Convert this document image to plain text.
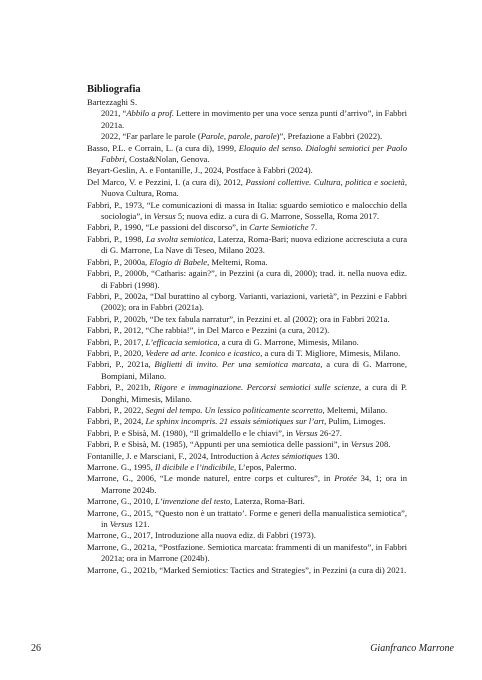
Bibliografia
Bartezzaghi S.
2021, “Abbilo a prof. Lettere in movimento per una voce senza punti d’arrivo”, in Fabbri 2021a.
2022, “Far parlare le parole (Parole, parole, parole)”, Prefazione a Fabbri (2022).
Basso, P.L. e Corrain, L. (a cura di), 1999, Eloquio del senso. Dialoghi semiotici per Paolo Fabbri, Costa&Nolan, Genova.
Beyart-Geslin, A. e Fontanille, J., 2024, Postface à Fabbri (2024).
Del Marco, V. e Pezzini, I. (a cura di), 2012, Passioni collettive. Cultura, politica e società, Nuova Cultura, Roma.
Fabbri, P., 1973, “Le comunicazioni di massa in Italia: sguardo semiotico e malocchio della sociologia”, in Versus 5; nuova ediz. a cura di G. Marrone, Sossella, Roma 2017.
Fabbri, P., 1990, “Le passioni del discorso”, in Carte Semiotiche 7.
Fabbri, P., 1998, La svolta semiotica, Laterza, Roma-Bari; nuova edizione accresciuta a cura di G. Marrone, La Nave di Teseo, Milano 2023.
Fabbri, P., 2000a, Elogio di Babele, Meltemi, Roma.
Fabbri, P., 2000b, “Catharis: again?”, in Pezzini (a cura di, 2000); trad. it. nella nuova ediz. di Fabbri (1998).
Fabbri, P., 2002a, “Dal burattino al cyborg. Varianti, variazioni, varietà”, in Pezzini e Fabbri (2002); ora in Fabbri (2021a).
Fabbri, P., 2002b, “De tex fabula narratur”, in Pezzini et. al (2002); ora in Fabbri 2021a.
Fabbri, P., 2012, “Che rabbia!”, in Del Marco e Pezzini (a cura, 2012).
Fabbri, P., 2017, L’efficacia semiotica, a cura di G. Marrone, Mimesis, Milano.
Fabbri, P., 2020, Vedere ad arte. Iconico e icastico, a cura di T. Migliore, Mimesis, Milano.
Fabbri, P., 2021a, Biglietti di invito. Per una semiotica marcata, a cura di G. Marrone, Bompiani, Milano.
Fabbri, P., 2021b, Rigore e immaginazione. Percorsi semiotici sulle scienze, a cura di P. Donghi, Mimesis, Milano.
Fabbri, P., 2022, Segni del tempo. Un lessico politicamente scorretto, Meltemi, Milano.
Fabbri, P., 2024, Le sphinx incompris. 21 essais sémiotiques sur l’art, Pulim, Limoges.
Fabbri, P. e Sbisà, M. (1980), “Il grimaldello e le chiavi”, in Versus 26-27.
Fabbri, P. e Sbisà, M. (1985), “Appunti per una semiotica delle passioni”, in Versus 208.
Fontanille, J. e Marsciani, F., 2024, Introduction à Actes sémiotiques 130.
Marrone. G., 1995, Il dicibile e l’indicibile, L’epos, Palermo.
Marrone, G., 2006, “Le monde naturel, entre corps et cultures”, in Protée 34, 1; ora in Marrone 2024b.
Marrone, G., 2010, L’invenzione del testo, Laterza, Roma-Bari.
Marrone, G., 2015, “Questo non è un trattato’. Forme e generi della manualistica semiotica”, in Versus 121.
Marrone, G., 2017, Introduzione alla nuova ediz. di Fabbri (1973).
Marrone, G., 2021a, “Postfazione. Semiotica marcata: frammenti di un manifesto”, in Fabbri 2021a; ora in Marrone (2024b).
Marrone, G., 2021b, “Marked Semiotics: Tactics and Strategies”, in Pezzini (a cura di) 2021.
26	Gianfranco Marrone
